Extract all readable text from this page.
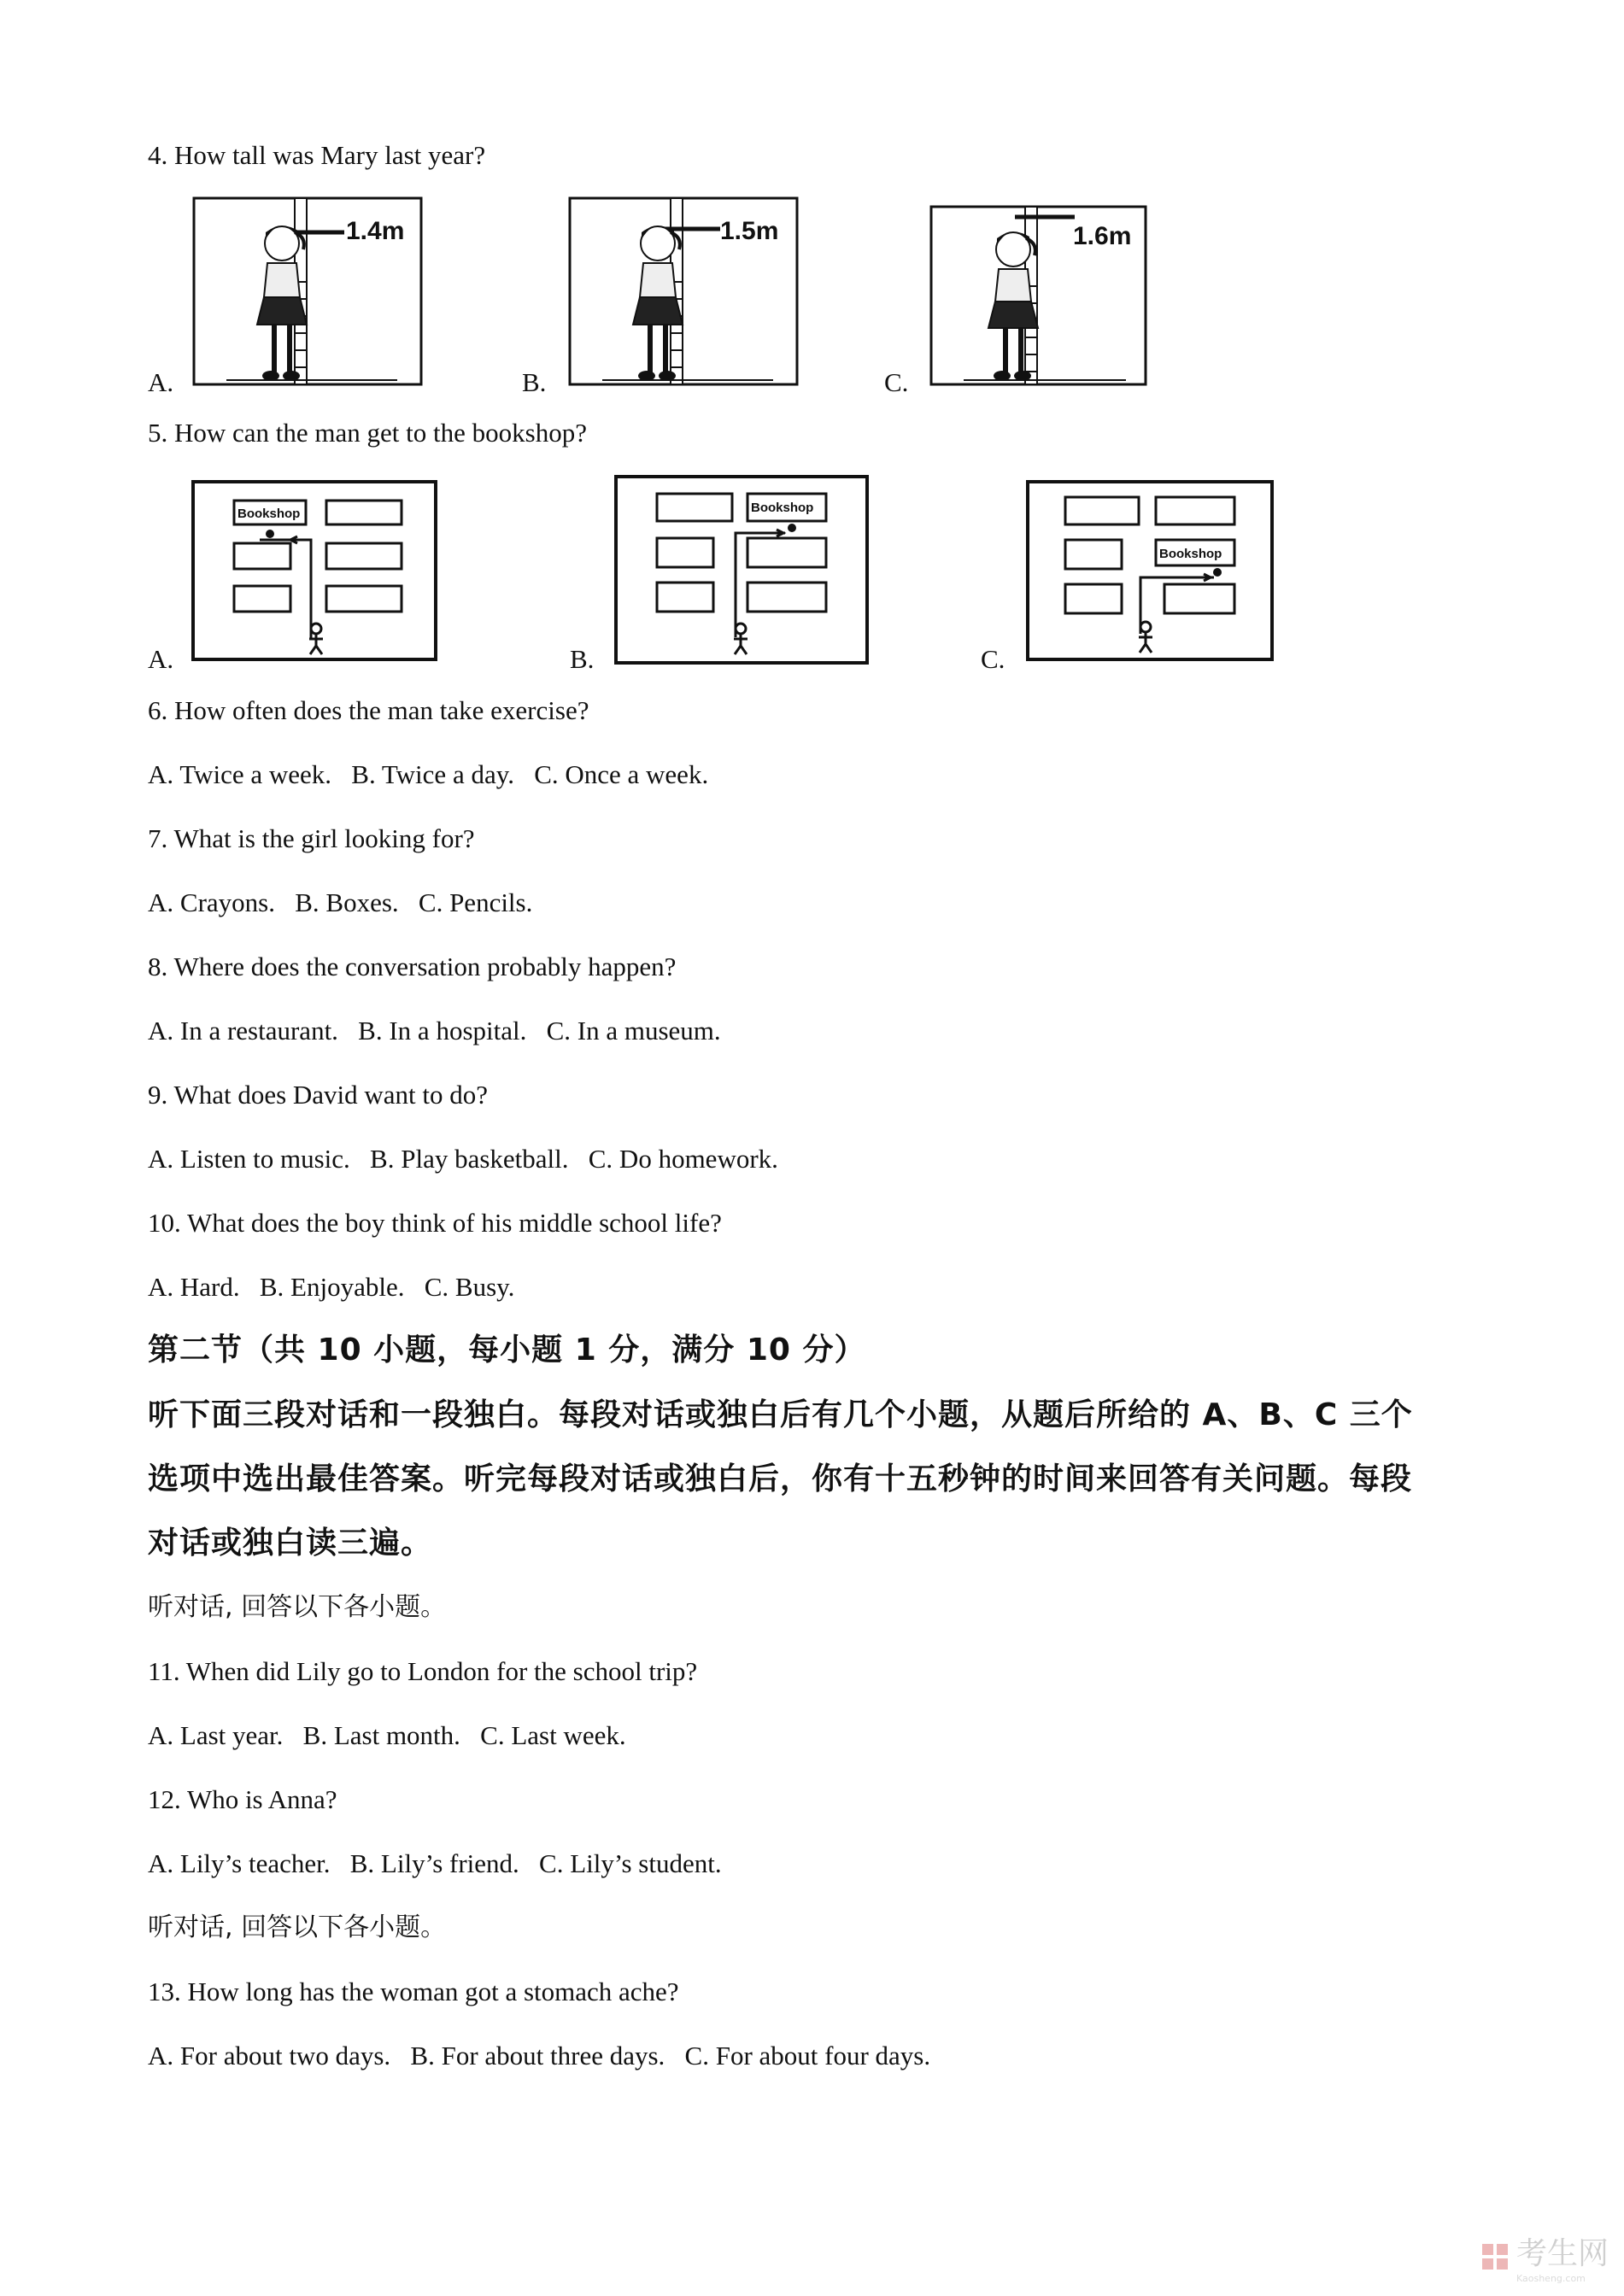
4. How tall was Mary last year?
A.	B.	C.
1.4m	1.5m	1.6m
5. How can the man get to the bookshop?
A.	B.	C.
Bookshop	Bookshop
Bookshop
6. How often does the man take exercise?
A. Twice a week.   B. Twice a day.   C. Once a week.
7. What is the girl looking for?
A. Crayons.   B. Boxes.   C. Pencils.
8. Where does the conversation probably happen?
A. In a restaurant.   B. In a hospital.   C. In a museum.
9. What does David want to do?
A. Listen to music.   B. Play basketball.   C. Do homework.
10. What does the boy think of his middle school life?
A. Hard.   B. Enjoyable.   C. Busy.
第二节（共 10 小题，每小题 1 分，满分 10 分）
听下面三段对话和一段独白。每段对话或独白后有几个小题，从题后所给的 A、B、C 三个
选项中选出最佳答案。听完每段对话或独白后，你有十五秒钟的时间来回答有关问题。每段
对话或独白读三遍。
听对话, 回答以下各小题。
11. When did Lily go to London for the school trip?
A. Last year.   B. Last month.   C. Last week.
12. Who is Anna?
A. Lily’s teacher.   B. Lily’s friend.   C. Lily’s student.
听对话, 回答以下各小题。
13. How long has the woman got a stomach ache?
A. For about two days.   B. For about three days.   C. For about four days.
考生网
Kaosheng.com
